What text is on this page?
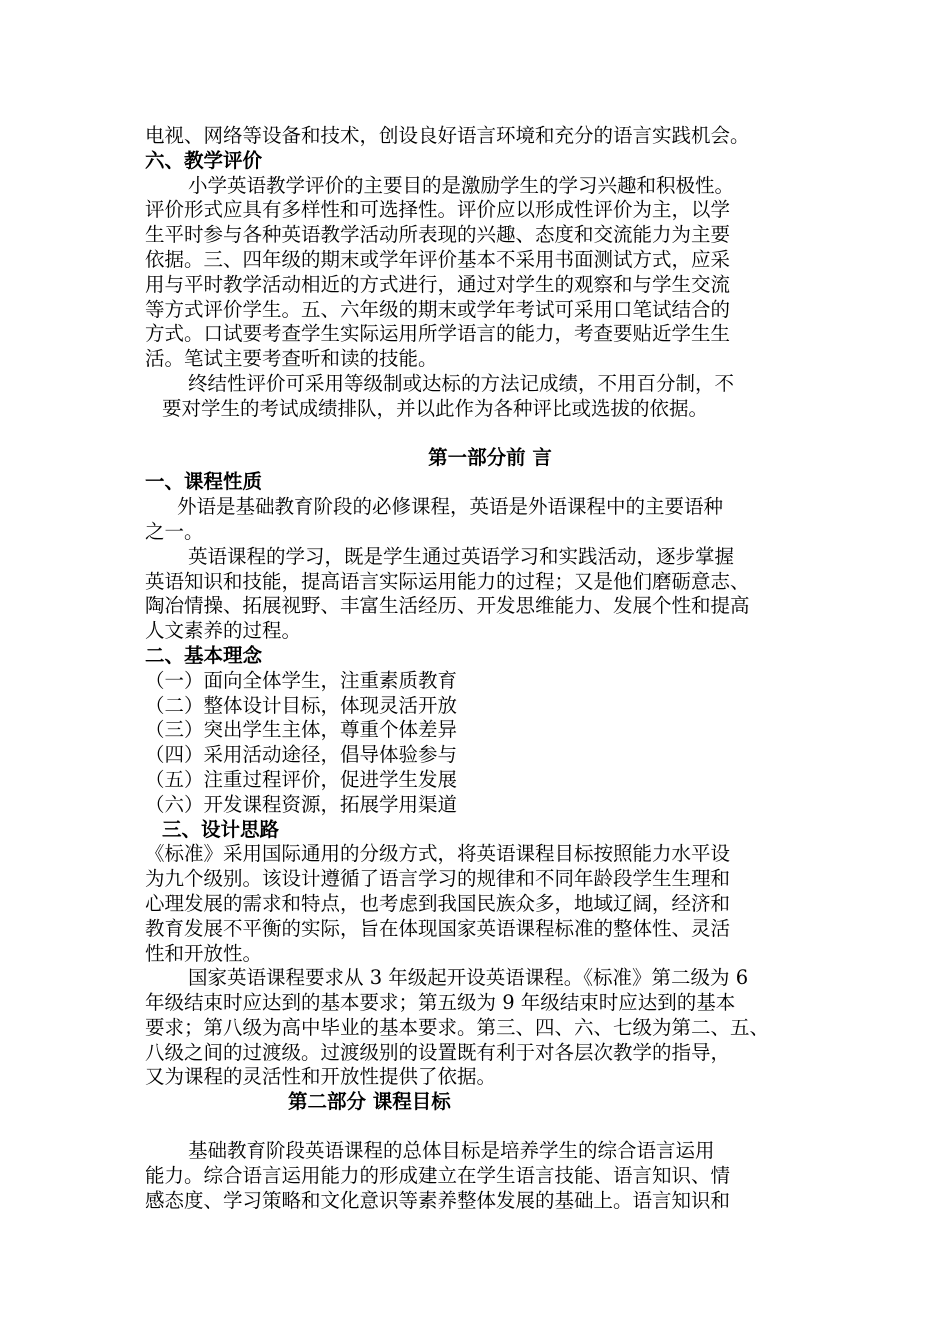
电视、网络等设备和技术，创设良好语言环境和充分的语言实践机会。
六、教学评价
小学英语教学评价的主要目的是激励学生的学习兴趣和积极性。
评价形式应具有多样性和可选择性。评价应以形成性评价为主，以学
生平时参与各种英语教学活动所表现的兴趣、态度和交流能力为主要
依据。三、四年级的期末或学年评价基本不采用书面测试方式，应采
用与平时教学活动相近的方式进行，通过对学生的观察和与学生交流
等方式评价学生。五、六年级的期末或学年考试可采用口笔试结合的
方式。口试要考查学生实际运用所学语言的能力，考查要贴近学生生
活。笔试主要考查听和读的技能。
终结性评价可采用等级制或达标的方法记成绩，不用百分制，不
要对学生的考试成绩排队，并以此作为各种评比或选拔的依据。
第一部分前 言
一、课程性质
外语是基础教育阶段的必修课程，英语是外语课程中的主要语种
之一。
英语课程的学习，既是学生通过英语学习和实践活动，逐步掌握
英语知识和技能，提高语言实际运用能力的过程；又是他们磨砺意志、
陶冶情操、拓展视野、丰富生活经历、开发思维能力、发展个性和提高
人文素养的过程。
二、基本理念
（一）面向全体学生，注重素质教育
（二）整体设计目标，体现灵活开放
（三）突出学生主体，尊重个体差异
（四）采用活动途径，倡导体验参与
（五）注重过程评价，促进学生发展
（六）开发课程资源，拓展学用渠道
三、设计思路
《标准》采用国际通用的分级方式，将英语课程目标按照能力水平设
为九个级别。该设计遵循了语言学习的规律和不同年龄段学生生理和
心理发展的需求和特点，也考虑到我国民族众多，地域辽阔，经济和
教育发展不平衡的实际，旨在体现国家英语课程标准的整体性、灵活
性和开放性。
国家英语课程要求从 3 年级起开设英语课程。《标准》第二级为 6
年级结束时应达到的基本要求；第五级为 9 年级结束时应达到的基本
要求；第八级为高中毕业的基本要求。第三、四、六、七级为第二、五、
八级之间的过渡级。过渡级别的设置既有利于对各层次教学的指导，
又为课程的灵活性和开放性提供了依据。
第二部分 课程目标
基础教育阶段英语课程的总体目标是培养学生的综合语言运用
能力。综合语言运用能力的形成建立在学生语言技能、语言知识、情
感态度、学习策略和文化意识等素养整体发展的基础上。语言知识和
